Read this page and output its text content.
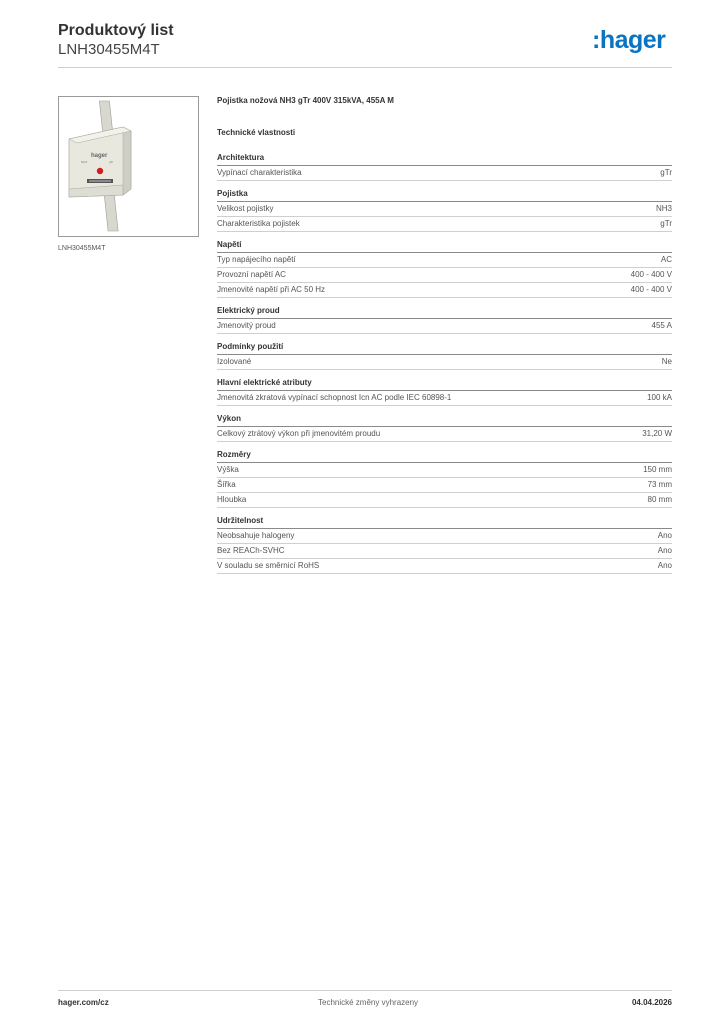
Produktový list
LNH30455M4T	:hager
hager
NH3	gTr
LNH30455M4T
Pojistka nožová NH3 gTr 400V 315kVA, 455A M
Technické vlastnosti
Architektura
Vypínací charakteristika	gTr
Pojistka
Velikost pojistky	NH3
Charakteristika pojistek	gTr
Napětí
Typ napájecího napětí	AC
Provozní napětí AC	400 - 400 V
Jmenovité napětí při AC 50 Hz	400 - 400 V
Elektrický proud
Jmenovitý proud	455 A
Podmínky použití
Izolované	Ne
Hlavní elektrické atributy
Jmenovitá zkratová vypínací schopnost Icn AC podle IEC 60898-1	100 kA
Výkon
Celkový ztrátový výkon při jmenovitém proudu	31,20 W
Rozměry
Výška	150 mm
Šířka	73 mm
Hloubka	80 mm
Udržitelnost
Neobsahuje halogeny	Ano
Bez REACh-SVHC	Ano
V souladu se směrnicí RoHS	Ano
hager.com/cz	Technické změny vyhrazeny	04.04.2026
